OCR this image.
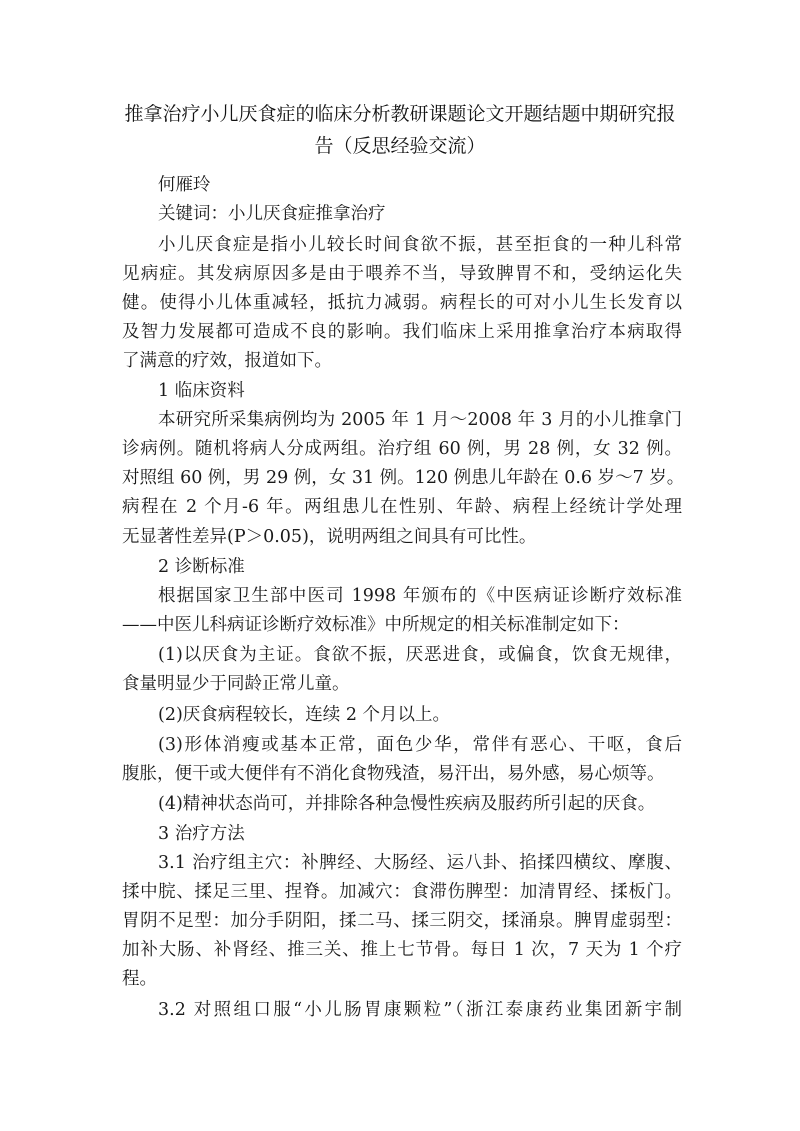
推拿治疗小儿厌食症的临床分析教研课题论文开题结题中期研究报
告（反思经验交流）
何雁玲
关键词：小儿厌食症推拿治疗
小儿厌食症是指小儿较长时间食欲不振，甚至拒食的一种儿科常
见病症。其发病原因多是由于喂养不当，导致脾胃不和，受纳运化失
健。使得小儿体重减轻，抵抗力减弱。病程长的可对小儿生长发育以
及智力发展都可造成不良的影响。我们临床上采用推拿治疗本病取得
了满意的疗效，报道如下。
1 临床资料
本研究所采集病例均为 2005 年 1 月～2008 年 3 月的小儿推拿门
诊病例。随机将病人分成两组。治疗组 60 例，男 28 例，女 32 例。
对照组 60 例，男 29 例，女 31 例。120 例患儿年龄在 0.6 岁～7 岁。
病程在 2 个月-6 年。两组患儿在性别、年龄、病程上经统计学处理
无显著性差异(P＞0.05)，说明两组之间具有可比性。
2 诊断标准
根据国家卫生部中医司 1998 年颁布的《中医病证诊断疗效标准
——中医儿科病证诊断疗效标准》中所规定的相关标准制定如下：
(1)以厌食为主证。食欲不振，厌恶进食，或偏食，饮食无规律，
食量明显少于同龄正常儿童。
(2)厌食病程较长，连续 2 个月以上。
(3)形体消瘦或基本正常，面色少华，常伴有恶心、干呕，食后
腹胀，便干或大便伴有不消化食物残渣，易汗出，易外感，易心烦等。
(4)精神状态尚可，并排除各种急慢性疾病及服药所引起的厌食。
3 治疗方法
3.1 治疗组主穴：补脾经、大肠经、运八卦、掐揉四横纹、摩腹、
揉中脘、揉足三里、捏脊。加减穴：食滞伤脾型：加清胃经、揉板门。
胃阴不足型：加分手阴阳，揉二马、揉三阴交，揉涌泉。脾胃虚弱型：
加补大肠、补肾经、推三关、推上七节骨。每日 1 次，7 天为 1 个疗
程。
3.2 对照组口服“小儿肠胃康颗粒”（浙江泰康药业集团新宇制
